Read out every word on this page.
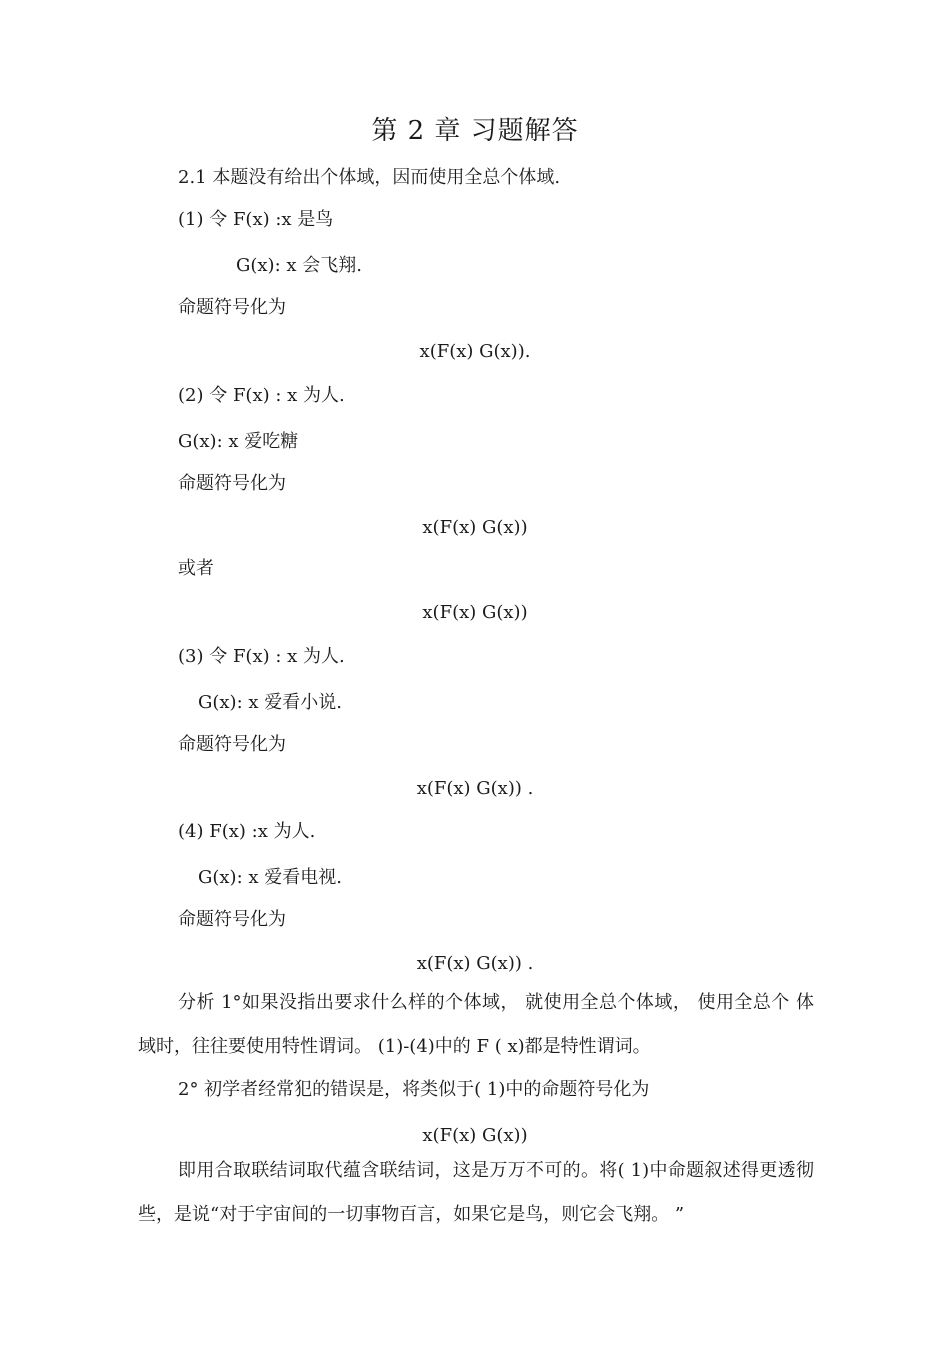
第 2 章 习题解答
2.1 本题没有给出个体域，因而使用全总个体域.
(1) 令 F(x) :x 是鸟
G(x): x 会飞翔.
命题符号化为
x(F(x) G(x)).
(2) 令 F(x) : x 为人.
G(x): x 爱吃糖
命题符号化为
x(F(x) G(x))
或者
x(F(x) G(x))
(3) 令 F(x) : x 为人.
G(x): x 爱看小说.
命题符号化为
x(F(x) G(x)) .
(4) F(x) :x 为人.
G(x): x 爱看电视.
命题符号化为
x(F(x) G(x)) .
分析 1°如果没指出要求什么样的个体域， 就使用全总个体域， 使用全总个 体域时，往往要使用特性谓词。 (1)-(4)中的 F ( x)都是特性谓词。
2° 初学者经常犯的错误是，将类似于( 1)中的命题符号化为
x(F(x) G(x))
即用合取联结词取代蕴含联结词，这是万万不可的。将( 1)中命题叙述得更透彻些，是说“对于宇宙间的一切事物百言，如果它是鸟，则它会飞翔。 ”
